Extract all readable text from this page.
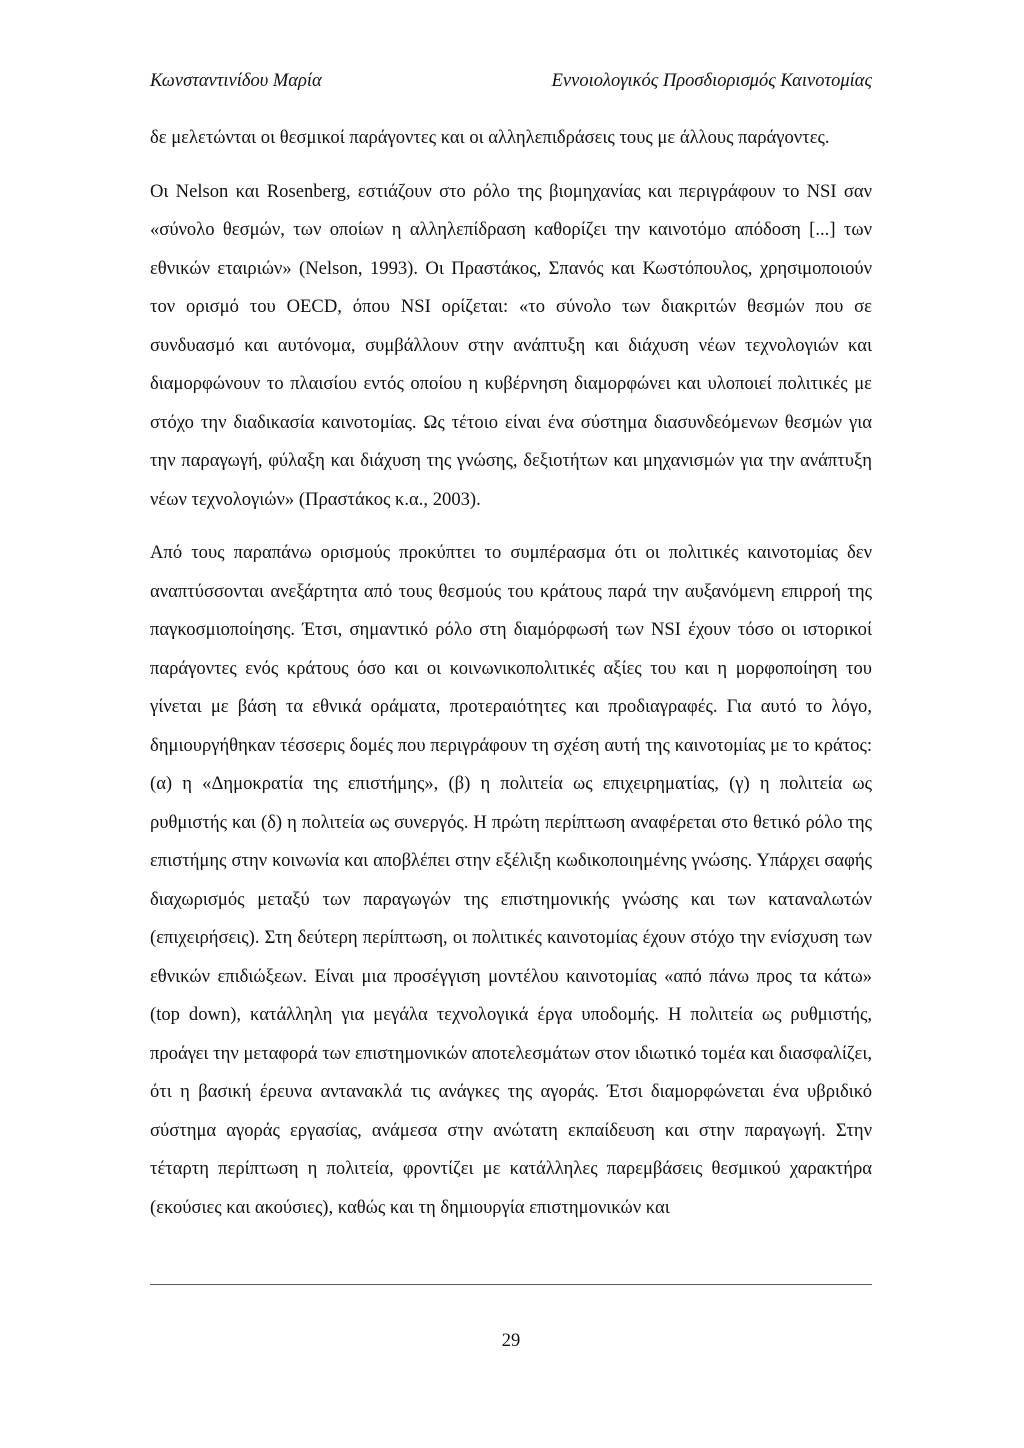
Κωνσταντινίδου Μαρία	Εννοιολογικός Προσδιορισμός Καινοτομίας

δε μελετώνται οι θεσμικοί παράγοντες και οι αλληλεπιδράσεις τους με άλλους παράγοντες.

Οι Nelson και Rosenberg, εστιάζουν στο ρόλο της βιομηχανίας και περιγράφουν το NSI σαν «σύνολο θεσμών, των οποίων η αλληλεπίδραση καθορίζει την καινοτόμο απόδοση [...] των εθνικών εταιριών» (Nelson, 1993). Οι Πραστάκος, Σπανός και Κωστόπουλος, χρησιμοποιούν τον ορισμό του OECD, όπου NSI ορίζεται: «το σύνολο των διακριτών θεσμών που σε συνδυασμό και αυτόνομα, συμβάλλουν στην ανάπτυξη και διάχυση νέων τεχνολογιών και διαμορφώνουν το πλαισίου εντός οποίου η κυβέρνηση διαμορφώνει και υλοποιεί πολιτικές με στόχο την διαδικασία καινοτομίας. Ως τέτοιο είναι ένα σύστημα διασυνδεόμενων θεσμών για την παραγωγή, φύλαξη και διάχυση της γνώσης, δεξιοτήτων και μηχανισμών για την ανάπτυξη νέων τεχνολογιών» (Πραστάκος κ.α., 2003).

Από τους παραπάνω ορισμούς προκύπτει το συμπέρασμα ότι οι πολιτικές καινοτομίας δεν αναπτύσσονται ανεξάρτητα από τους θεσμούς του κράτους παρά την αυξανόμενη επιρροή της παγκοσμιοποίησης. Έτσι, σημαντικό ρόλο στη διαμόρφωσή των NSI έχουν τόσο οι ιστορικοί παράγοντες ενός κράτους όσο και οι κοινωνικοπολιτικές αξίες του και η μορφοποίηση του γίνεται με βάση τα εθνικά οράματα, προτεραιότητες και προδιαγραφές. Για αυτό το λόγο, δημιουργήθηκαν τέσσερις δομές που περιγράφουν τη σχέση αυτή της καινοτομίας με το κράτος: (α) η «Δημοκρατία της επιστήμης», (β) η πολιτεία ως επιχειρηματίας, (γ) η πολιτεία ως ρυθμιστής και (δ) η πολιτεία ως συνεργός. Η πρώτη περίπτωση αναφέρεται στο θετικό ρόλο της επιστήμης στην κοινωνία και αποβλέπει στην εξέλιξη κωδικοποιημένης γνώσης. Υπάρχει σαφής διαχωρισμός μεταξύ των παραγωγών της επιστημονικής γνώσης και των καταναλωτών (επιχειρήσεις). Στη δεύτερη περίπτωση, οι πολιτικές καινοτομίας έχουν στόχο την ενίσχυση των εθνικών επιδιώξεων. Είναι μια προσέγγιση μοντέλου καινοτομίας «από πάνω προς τα κάτω» (top down), κατάλληλη για μεγάλα τεχνολογικά έργα υποδομής. Η πολιτεία ως ρυθμιστής, προάγει την μεταφορά των επιστημονικών αποτελεσμάτων στον ιδιωτικό τομέα και διασφαλίζει, ότι η βασική έρευνα αντανακλά τις ανάγκες της αγοράς. Έτσι διαμορφώνεται ένα υβριδικό σύστημα αγοράς εργασίας, ανάμεσα στην ανώτατη εκπαίδευση και στην παραγωγή. Στην τέταρτη περίπτωση η πολιτεία, φροντίζει με κατάλληλες παρεμβάσεις θεσμικού χαρακτήρα (εκούσιες και ακούσιες), καθώς και τη δημιουργία επιστημονικών και

29
